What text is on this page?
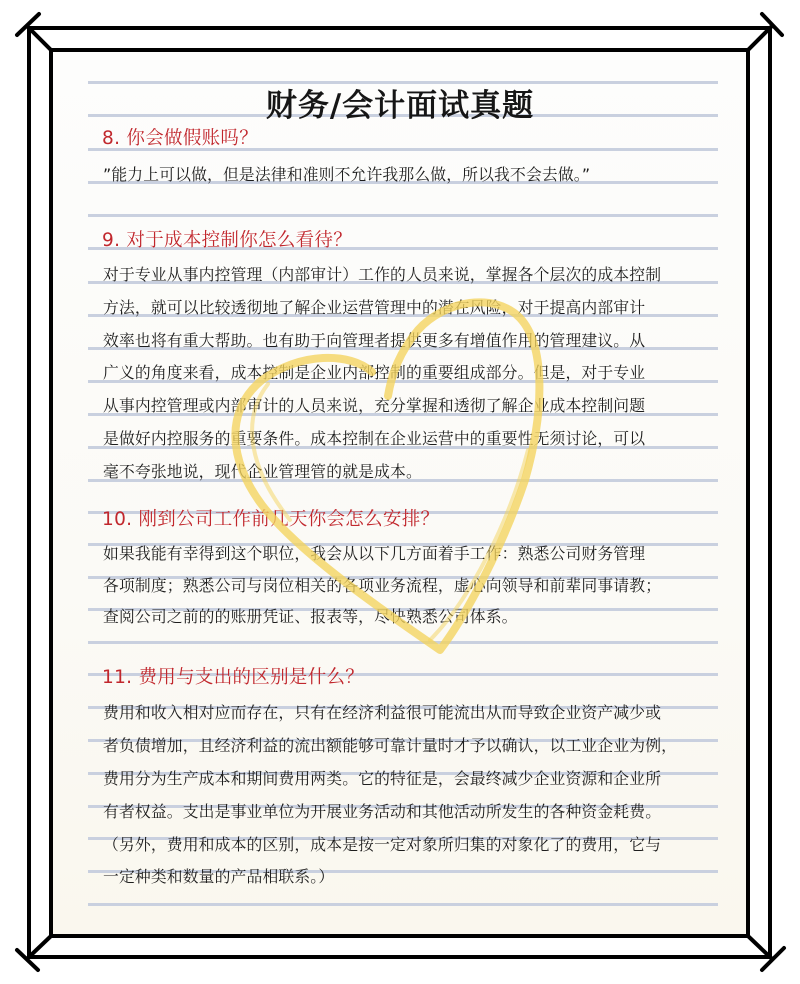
财务/会计面试真题
8. 你会做假账吗？
”能力上可以做，但是法律和准则不允许我那么做，所以我不会去做。”
9. 对于成本控制你怎么看待？
对于专业从事内控管理（内部审计）工作的人员来说，掌握各个层次的成本控制
方法，就可以比较透彻地了解企业运营管理中的潜在风险，对于提高内部审计
效率也将有重大帮助。也有助于向管理者提供更多有增值作用的管理建议。从
广义的角度来看，成本控制是企业内部控制的重要组成部分。但是，对于专业
从事内控管理或内部审计的人员来说，充分掌握和透彻了解企业成本控制问题
是做好内控服务的重要条件。成本控制在企业运营中的重要性无须讨论，可以
毫不夸张地说，现代企业管理管的就是成本。
10. 刚到公司工作前几天你会怎么安排？
如果我能有幸得到这个职位，我会从以下几方面着手工作：熟悉公司财务管理
各项制度；熟悉公司与岗位相关的各项业务流程，虚心向领导和前辈同事请教；
查阅公司之前的的账册凭证、报表等，尽快熟悉公司体系。
11. 费用与支出的区别是什么？
费用和收入相对应而存在，只有在经济利益很可能流出从而导致企业资产减少或
者负债增加，且经济利益的流出额能够可靠计量时才予以确认，以工业企业为例，
费用分为生产成本和期间费用两类。它的特征是，会最终减少企业资源和企业所
有者权益。支出是事业单位为开展业务活动和其他活动所发生的各种资金耗费。
（另外，费用和成本的区别，成本是按一定对象所归集的对象化了的费用，它与
一定种类和数量的产品相联系。）
